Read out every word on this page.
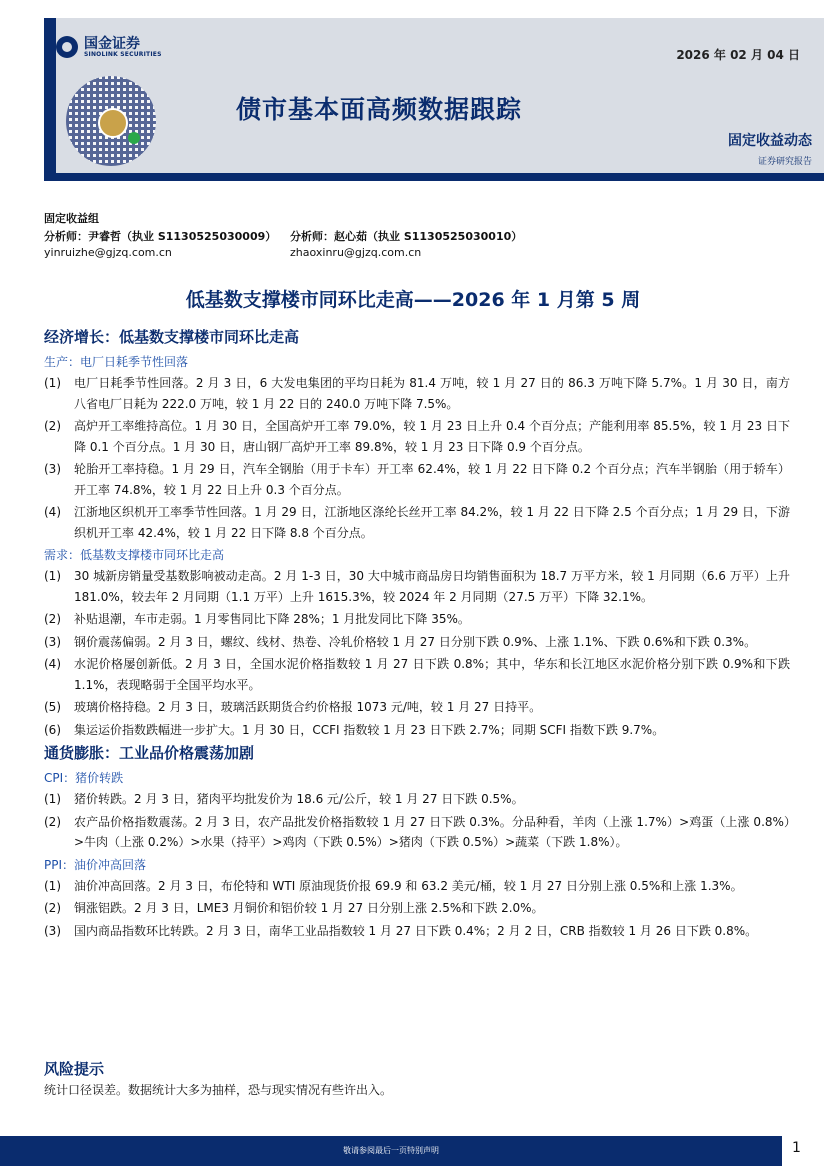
国金证券
SINOLINK SECURITIES	2026 年 02 月 04 日
债市基本面高频数据跟踪
固定收益动态
证券研究报告
固定收益组
分析师：尹睿哲（执业 S1130525030009） 分析师：赵心茹（执业 S1130525030010）
yinruizhe@gjzq.com.cn	zhaoxinru@gjzq.com.cn
低基数支撑楼市同环比走高——2026 年 1 月第 5 周
经济增长：低基数支撑楼市同环比走高
生产：电厂日耗季节性回落
(1)	电厂日耗季节性回落。2 月 3 日，6 大发电集团的平均日耗为 81.4 万吨，较 1 月 27 日的 86.3 万吨下降 5.7%。1 月 30 日，南方八省电厂日耗为 222.0 万吨，较 1 月 22 日的 240.0 万吨下降 7.5%。
(2)	高炉开工率维持高位。1 月 30 日，全国高炉开工率 79.0%，较 1 月 23 日上升 0.4 个百分点；产能利用率 85.5%，较 1 月 23 日下降 0.1 个百分点。1 月 30 日，唐山钢厂高炉开工率 89.8%，较 1 月 23 日下降 0.9 个百分点。
(3)	轮胎开工率持稳。1 月 29 日，汽车全钢胎（用于卡车）开工率 62.4%，较 1 月 22 日下降 0.2 个百分点；汽车半钢胎（用于轿车）开工率 74.8%，较 1 月 22 日上升 0.3 个百分点。
(4)	江浙地区织机开工率季节性回落。1 月 29 日，江浙地区涤纶长丝开工率 84.2%，较 1 月 22 日下降 2.5 个百分点；1 月 29 日，下游织机开工率 42.4%，较 1 月 22 日下降 8.8 个百分点。
需求：低基数支撑楼市同环比走高
(1)	30 城新房销量受基数影响被动走高。2 月 1-3 日，30 大中城市商品房日均销售面积为 18.7 万平方米，较 1 月同期（6.6 万平）上升 181.0%，较去年 2 月同期（1.1 万平）上升 1615.3%，较 2024 年 2 月同期（27.5 万平）下降 32.1%。
(2)	补贴退潮，车市走弱。1 月零售同比下降 28%；1 月批发同比下降 35%。
(3)	钢价震荡偏弱。2 月 3 日，螺纹、线材、热卷、冷轧价格较 1 月 27 日分别下跌 0.9%、上涨 1.1%、下跌 0.6%和下跌 0.3%。
(4)	水泥价格屡创新低。2 月 3 日，全国水泥价格指数较 1 月 27 日下跌 0.8%；其中，华东和长江地区水泥价格分别下跌 0.9%和下跌 1.1%，表现略弱于全国平均水平。
(5)	玻璃价格持稳。2 月 3 日，玻璃活跃期货合约价格报 1073 元/吨，较 1 月 27 日持平。
(6)	集运运价指数跌幅进一步扩大。1 月 30 日，CCFI 指数较 1 月 23 日下跌 2.7%；同期 SCFI 指数下跌 9.7%。
通货膨胀：工业品价格震荡加剧
CPI：猪价转跌
(1)	猪价转跌。2 月 3 日，猪肉平均批发价为 18.6 元/公斤，较 1 月 27 日下跌 0.5%。
(2)	农产品价格指数震荡。2 月 3 日，农产品批发价格指数较 1 月 27 日下跌 0.3%。分品种看，羊肉（上涨 1.7%）>鸡蛋（上涨 0.8%）>牛肉（上涨 0.2%）>水果（持平）>鸡肉（下跌 0.5%）>猪肉（下跌 0.5%）>蔬菜（下跌 1.8%）。
PPI：油价冲高回落
(1)	油价冲高回落。2 月 3 日，布伦特和 WTI 原油现货价报 69.9 和 63.2 美元/桶，较 1 月 27 日分别上涨 0.5%和上涨 1.3%。
(2)	铜涨铝跌。2 月 3 日，LME3 月铜价和铝价较 1 月 27 日分别上涨 2.5%和下跌 2.0%。
(3)	国内商品指数环比转跌。2 月 3 日，南华工业品指数较 1 月 27 日下跌 0.4%；2 月 2 日，CRB 指数较 1 月 26 日下跌 0.8%。
风险提示
统计口径误差。数据统计大多为抽样，恐与现实情况有些许出入。
敬请参阅最后一页特别声明	1
